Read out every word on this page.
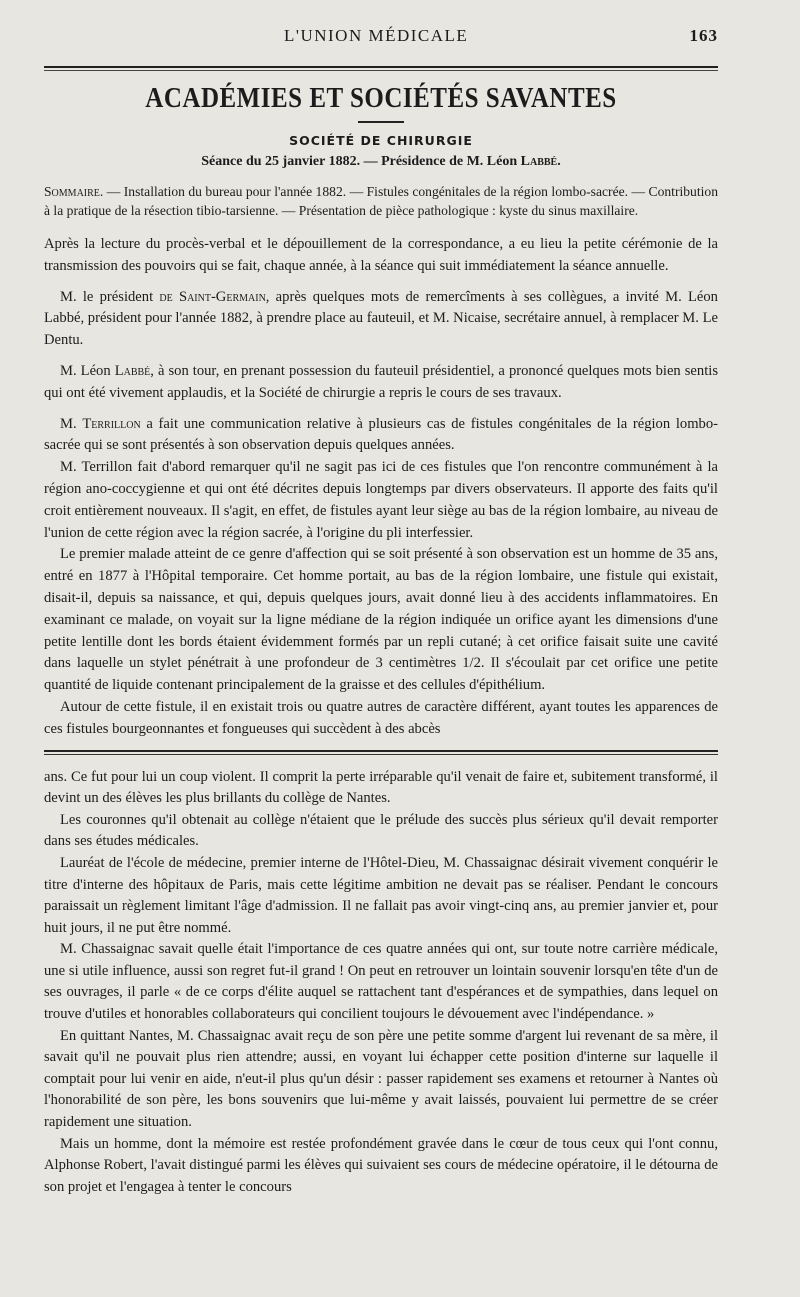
L'UNION MÉDICALE	163
ACADÉMIES ET SOCIÉTÉS SAVANTES
SOCIÉTÉ DE CHIRURGIE
Séance du 25 janvier 1882. — Présidence de M. Léon Labbé.

Sommaire. — Installation du bureau pour l'année 1882. — Fistules congénitales de la région lombo-sacrée. — Contribution à la pratique de la résection tibio-tarsienne. — Présentation de pièce pathologique : kyste du sinus maxillaire.

Après la lecture du procès-verbal et le dépouillement de la correspondance, a eu lieu la petite cérémonie de la transmission des pouvoirs qui se fait, chaque année, à la séance qui suit immédiatement la séance annuelle.

M. le président de Saint-Germain, après quelques mots de remercîments à ses collègues, a invité M. Léon Labbé, président pour l'année 1882, à prendre place au fauteuil, et M. Nicaise, secrétaire annuel, à remplacer M. Le Dentu.

M. Léon Labbé, à son tour, en prenant possession du fauteuil présidentiel, a prononcé quelques mots bien sentis qui ont été vivement applaudis, et la Société de chirurgie a repris le cours de ses travaux.

M. Terrillon a fait une communication relative à plusieurs cas de fistules congénitales de la région lombo-sacrée qui se sont présentés à son observation depuis quelques années.

M. Terrillon fait d'abord remarquer qu'il ne sagit pas ici de ces fistules que l'on rencontre communément à la région ano-coccygienne et qui ont été décrites depuis longtemps par divers observateurs. Il apporte des faits qu'il croit entièrement nouveaux. Il s'agit, en effet, de fistules ayant leur siège au bas de la région lombaire, au niveau de l'union de cette région avec la région sacrée, à l'origine du pli interfessier.

Le premier malade atteint de ce genre d'affection qui se soit présenté à son observation est un homme de 35 ans, entré en 1877 à l'Hôpital temporaire. Cet homme portait, au bas de la région lombaire, une fistule qui existait, disait-il, depuis sa naissance, et qui, depuis quelques jours, avait donné lieu à des accidents inflammatoires. En examinant ce malade, on voyait sur la ligne médiane de la région indiquée un orifice ayant les dimensions d'une petite lentille dont les bords étaient évidemment formés par un repli cutané; à cet orifice faisait suite une cavité dans laquelle un stylet pénétrait à une profondeur de 3 centimètres 1/2. Il s'écoulait par cet orifice une petite quantité de liquide contenant principalement de la graisse et des cellules d'épithélium.

Autour de cette fistule, il en existait trois ou quatre autres de caractère différent, ayant toutes les apparences de ces fistules bourgeonnantes et fongueuses qui succèdent à des abcès

ans. Ce fut pour lui un coup violent. Il comprit la perte irréparable qu'il venait de faire et, subitement transformé, il devint un des élèves les plus brillants du collège de Nantes.

Les couronnes qu'il obtenait au collège n'étaient que le prélude des succès plus sérieux qu'il devait remporter dans ses études médicales.

Lauréat de l'école de médecine, premier interne de l'Hôtel-Dieu, M. Chassaignac désirait vivement conquérir le titre d'interne des hôpitaux de Paris, mais cette légitime ambition ne devait pas se réaliser. Pendant le concours paraissait un règlement limitant l'âge d'admission. Il ne fallait pas avoir vingt-cinq ans, au premier janvier et, pour huit jours, il ne put être nommé.

M. Chassaignac savait quelle était l'importance de ces quatre années qui ont, sur toute notre carrière médicale, une si utile influence, aussi son regret fut-il grand ! On peut en retrouver un lointain souvenir lorsqu'en tête d'un de ses ouvrages, il parle « de ce corps d'élite auquel se rattachent tant d'espérances et de sympathies, dans lequel on trouve d'utiles et honorables collaborateurs qui concilient toujours le dévouement avec l'indépendance. »

En quittant Nantes, M. Chassaignac avait reçu de son père une petite somme d'argent lui revenant de sa mère, il savait qu'il ne pouvait plus rien attendre; aussi, en voyant lui échapper cette position d'interne sur laquelle il comptait pour lui venir en aide, n'eut-il plus qu'un désir : passer rapidement ses examens et retourner à Nantes où l'honorabilité de son père, les bons souvenirs que lui-même y avait laissés, pouvaient lui permettre de se créer rapidement une situation.

Mais un homme, dont la mémoire est restée profondément gravée dans le cœur de tous ceux qui l'ont connu, Alphonse Robert, l'avait distingué parmi les élèves qui suivaient ses cours de médecine opératoire, il le détourna de son projet et l'engagea à tenter le concours
